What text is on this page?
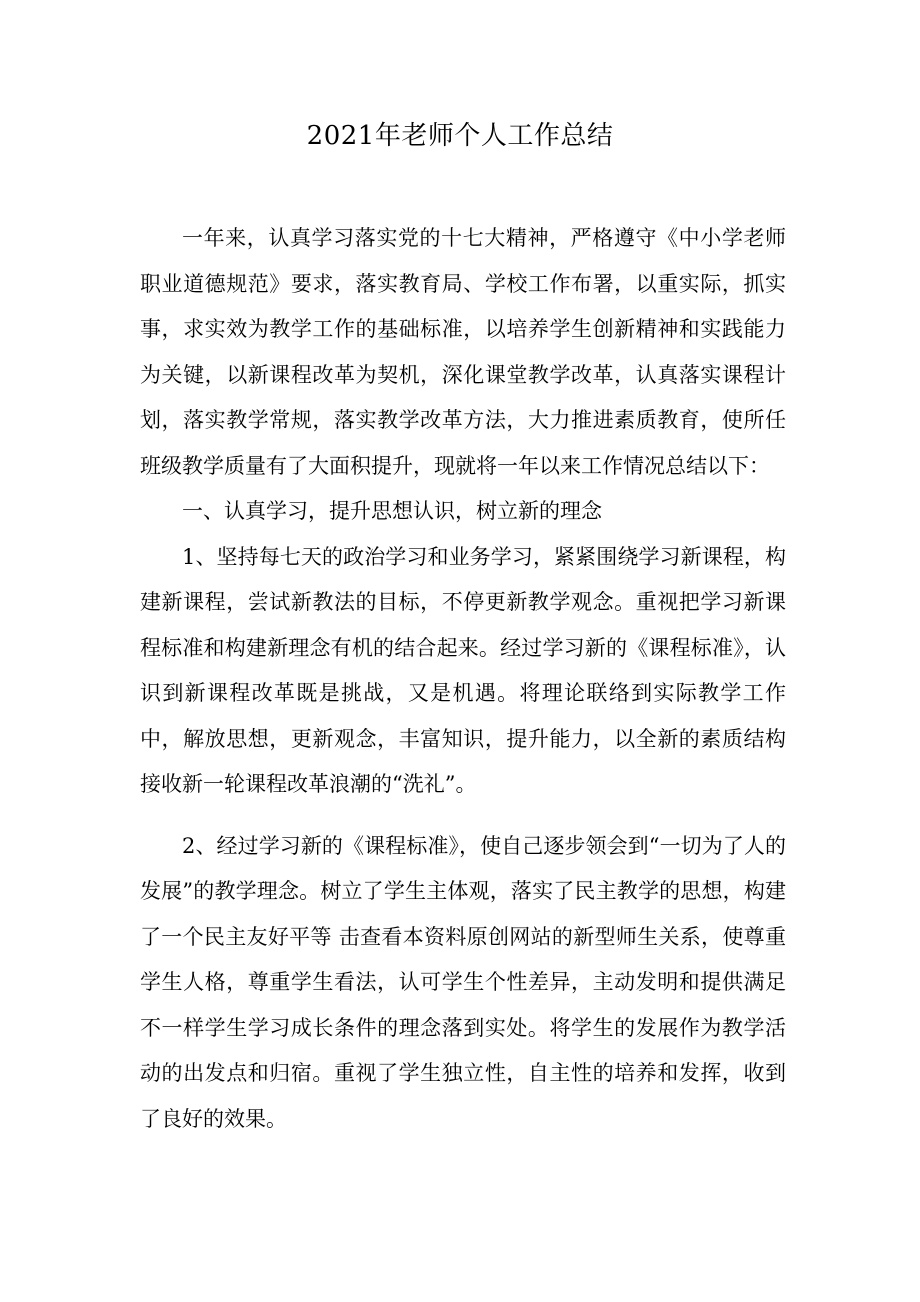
2021年老师个人工作总结

一年来，认真学习落实党的十七大精神，严格遵守《中小学老师职业道德规范》要求，落实教育局、学校工作布署，以重实际，抓实事，求实效为教学工作的基础标准，以培养学生创新精神和实践能力为关键，以新课程改革为契机，深化课堂教学改革，认真落实课程计划，落实教学常规，落实教学改革方法，大力推进素质教育，使所任班级教学质量有了大面积提升，现就将一年以来工作情况总结以下：

一、认真学习，提升思想认识，树立新的理念

1、坚持每七天的政治学习和业务学习，紧紧围绕学习新课程，构建新课程，尝试新教法的目标，不停更新教学观念。重视把学习新课程标准和构建新理念有机的结合起来。经过学习新的《课程标准》，认识到新课程改革既是挑战，又是机遇。将理论联络到实际教学工作中，解放思想，更新观念，丰富知识，提升能力，以全新的素质结构接收新一轮课程改革浪潮的“洗礼”。

2、经过学习新的《课程标准》，使自己逐步领会到“一切为了人的发展”的教学理念。树立了学生主体观，落实了民主教学的思想，构建了一个民主友好平等 击查看本资料原创网站的新型师生关系，使尊重学生人格，尊重学生看法，认可学生个性差异，主动发明和提供满足不一样学生学习成长条件的理念落到实处。将学生的发展作为教学活动的出发点和归宿。重视了学生独立性，自主性的培养和发挥，收到了良好的效果。
